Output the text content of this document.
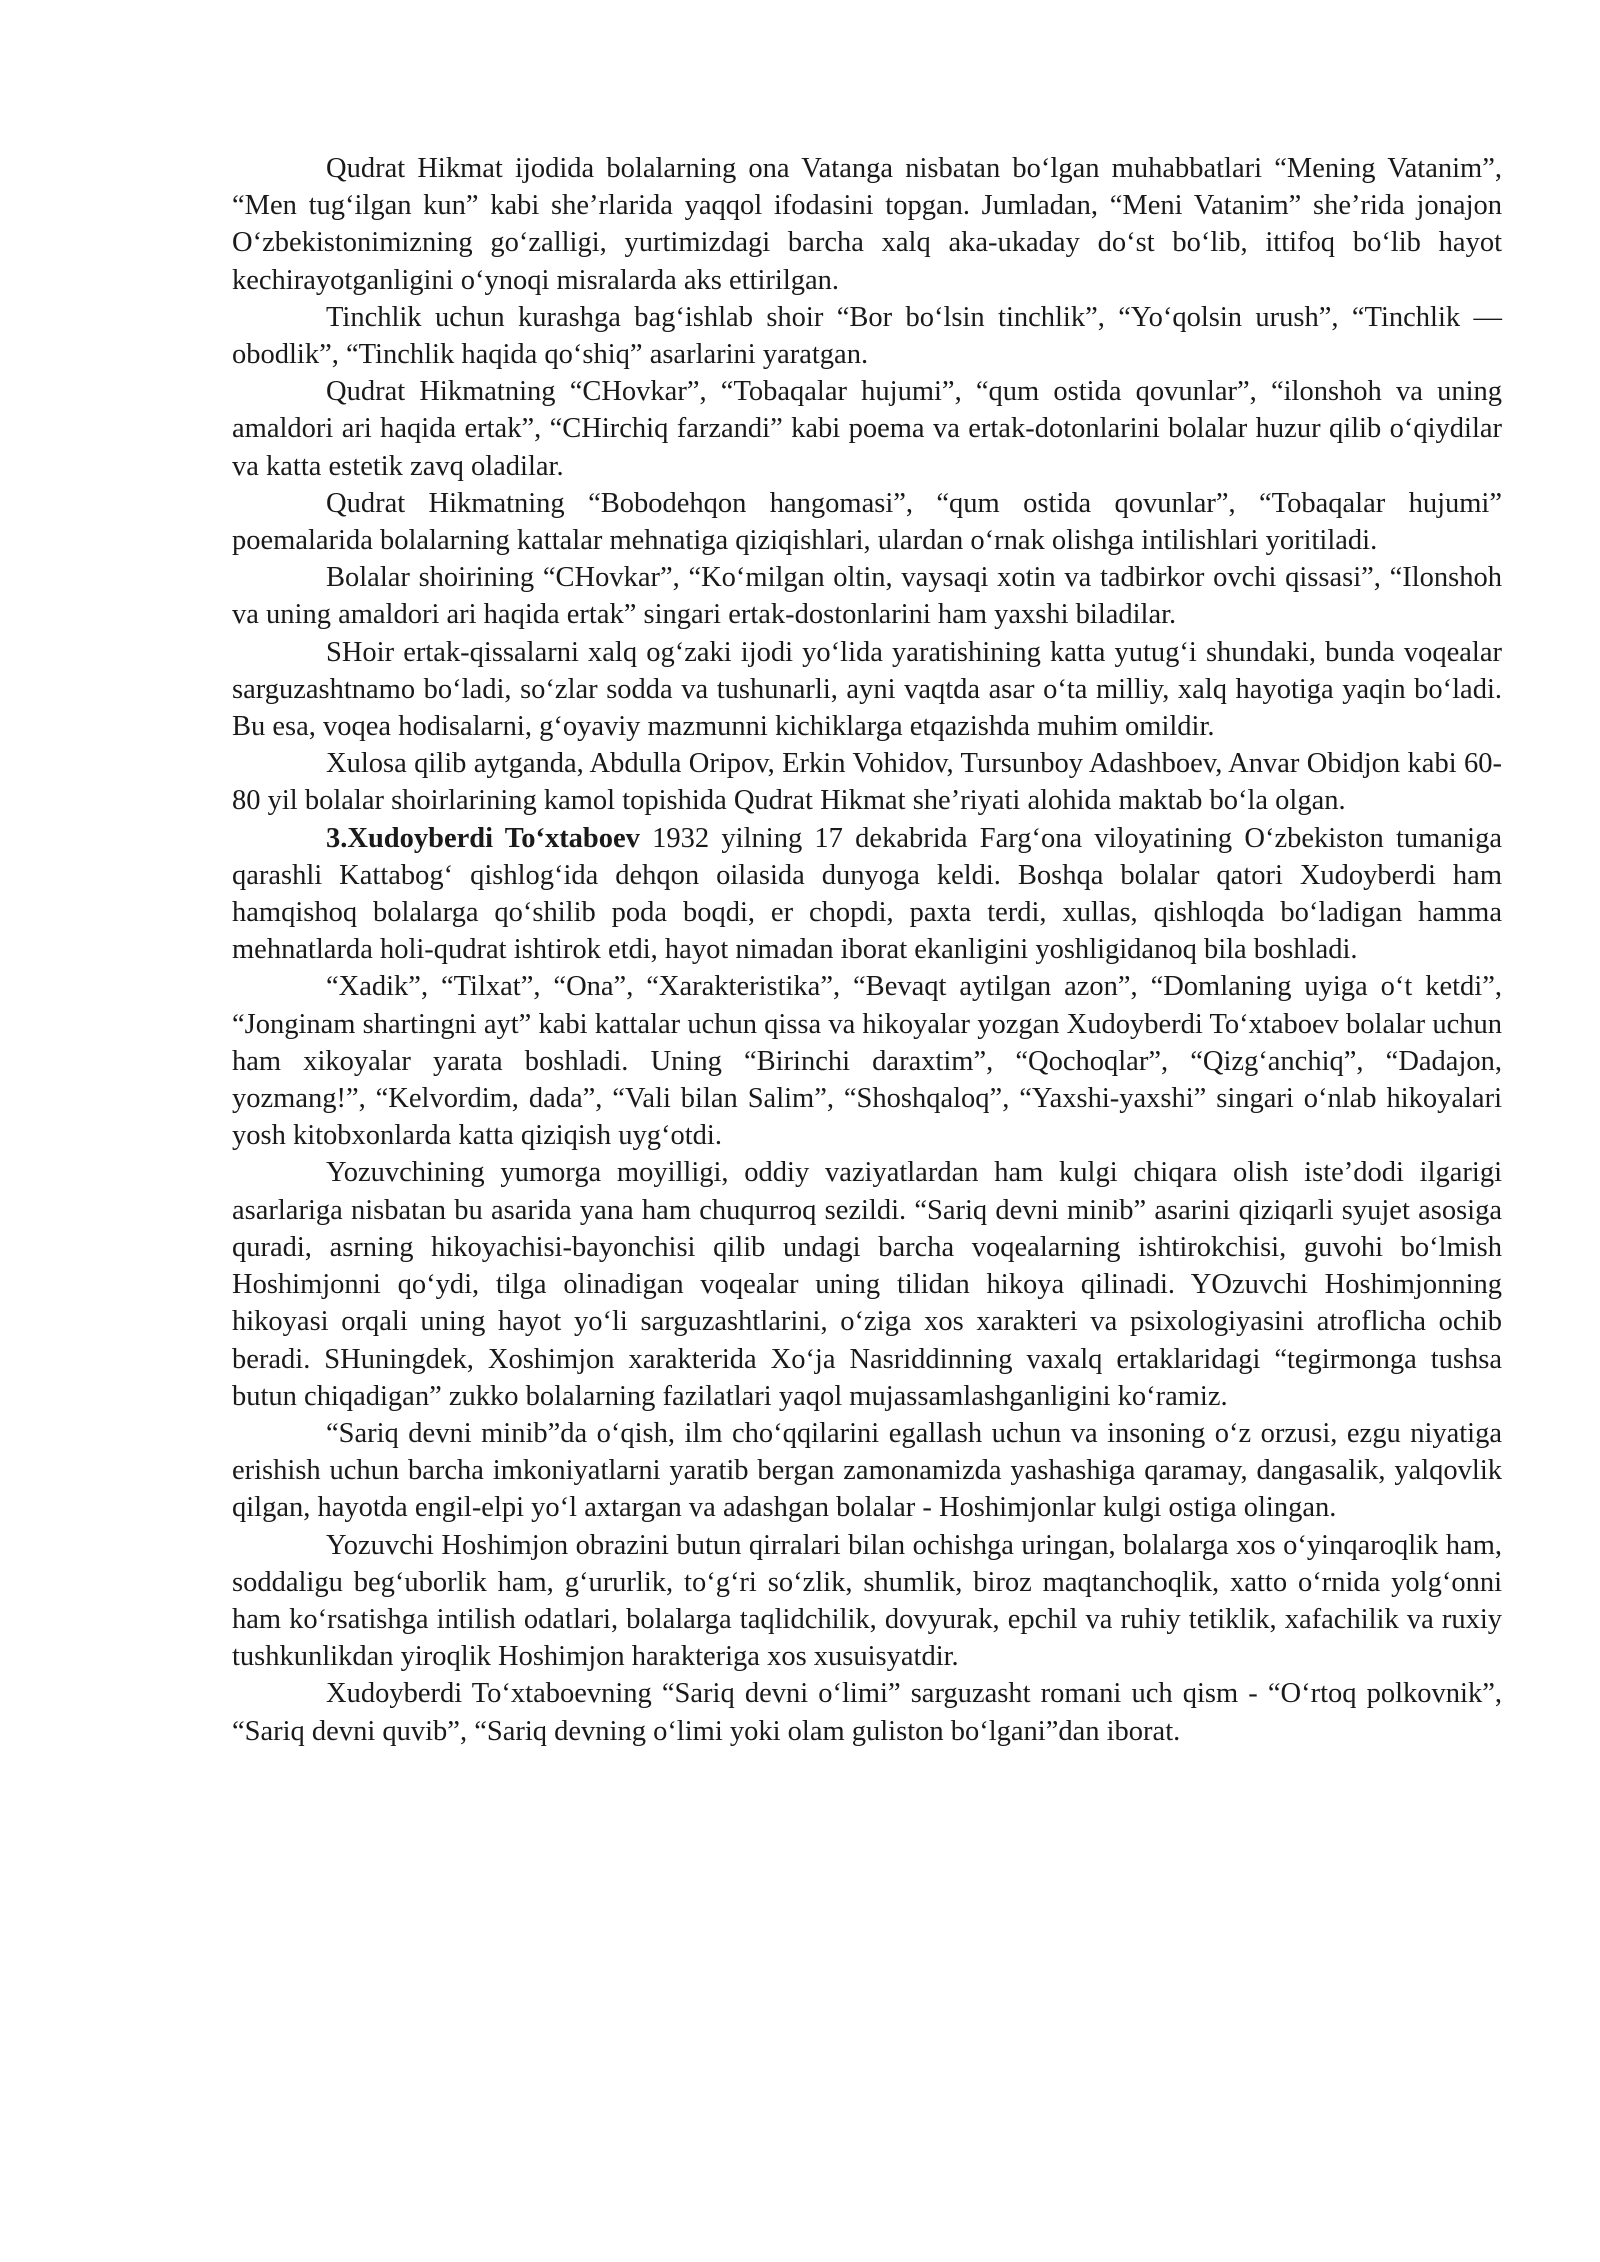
Qudrat Hikmat ijodida bolalarning ona Vatanga nisbatan bo‘lgan muhabbatlari “Mening Vatanim”, “Men tug‘ilgan kun” kabi she’rlarida yaqqol ifodasini topgan. Jumladan, “Meni Vatanim” she’rida jonajon O‘zbekistonimizning go‘zalligi, yurtimizdagi barcha xalq aka-ukaday do‘st bo‘lib, ittifoq bo‘lib hayot kechirayotganligini o‘ynoqi misralarda aks ettirilgan.

Tinchlik uchun kurashga bag‘ishlab shoir “Bor bo‘lsin tinchlik”, “Yo‘qolsin urush”, “Tinchlik — obodlik”, “Tinchlik haqida qo‘shiq” asarlarini yaratgan.

Qudrat Hikmatning “CHovkar”, “Tobaqalar hujumi”, “qum ostida qovunlar”, “ilonshoh va uning amaldori ari haqida ertak”, “CHirchiq farzandi” kabi poema va ertak-dotonlarini bolalar huzur qilib o‘qiydilar va katta estetik zavq oladilar.

Qudrat Hikmatning “Bobodehqon hangomasi”, “qum ostida qovunlar”, “Tobaqalar hujumi” poemalarida bolalarning kattalar mehnatiga qiziqishlari, ulardan o‘rnak olishga intilishlari yoritiladi.

Bolalar shoirining “CHovkar”, “Ko‘milgan oltin, vaysaqi xotin va tadbirkor ovchi qissasi”, “Ilonshoh va uning amaldori ari haqida ertak” singari ertak-dostonlarini ham yaxshi biladilar.

SHoir ertak-qissalarni xalq og‘zaki ijodi yo‘lida yaratishining katta yutug‘i shundaki, bunda voqealar sarguzashtnamo bo‘ladi, so‘zlar sodda va tushunarli, ayni vaqtda asar o‘ta milliy, xalq hayotiga yaqin bo‘ladi. Bu esa, voqea hodisalarni, g‘oyaviy mazmunni kichiklarga etqazishda muhim omildir.

Xulosa qilib aytganda, Abdulla Oripov, Erkin Vohidov, Tursunboy Adashboev, Anvar Obidjon kabi 60-80 yil bolalar shoirlarining kamol topishida Qudrat Hikmat she’riyati alohida maktab bo‘la olgan.

3.Xudoyberdi To‘xtaboev 1932 yilning 17 dekabrida Farg‘ona viloyatining O‘zbekiston tumaniga qarashli Kattabog‘ qishlog‘ida dehqon oilasida dunyoga keldi. Boshqa bolalar qatori Xudoyberdi ham hamqishoq bolalarga qo‘shilib poda boqdi, er chopdi, paxta terdi, xullas, qishloqda bo‘ladigan hamma mehnatlarda holi-qudrat ishtirok etdi, hayot nimadan iborat ekanligini yoshligidanoq bila boshladi.

“Xadik”, “Tilxat”, “Ona”, “Xarakteristika”, “Bevaqt aytilgan azon”, “Domlaning uyiga o‘t ketdi”, “Jonginam shartingni ayt” kabi kattalar uchun qissa va hikoyalar yozgan Xudoyberdi To‘xtaboev bolalar uchun ham xikoyalar yarata boshladi. Uning “Birinchi daraxtim”, “Qochoqlar”, “Qizg‘anchiq”, “Dadajon, yozmang!”, “Kelvordim, dada”, “Vali bilan Salim”, “Shoshqaloq”, “Yaxshi-yaxshi” singari o‘nlab hikoyalari yosh kitobxonlarda katta qiziqish uyg‘otdi.

Yozuvchining yumorga moyilligi, oddiy vaziyatlardan ham kulgi chiqara olish iste’dodi ilgarigi asarlariga nisbatan bu asarida yana ham chuqurroq sezildi. “Sariq devni minib” asarini qiziqarli syujet asosiga quradi, asrning hikoyachisi-bayonchisi qilib undagi barcha voqealarning ishtirokchisi, guvohi bo‘lmish Hoshimjonni qo‘ydi, tilga olinadigan voqealar uning tilidan hikoya qilinadi. YOzuvchi Hoshimjonning hikoyasi orqali uning hayot yo‘li sarguzashtlarini, o‘ziga xos xarakteri va psixologiyasini atroflicha ochib beradi. SHuningdek, Xoshimjon xarakterida Xo‘ja Nasriddinning vaxalq ertaklaridagi “tegirmonga tushsa butun chiqadigan” zukko bolalarning fazilatlari yaqol mujassamlashganligini ko‘ramiz.

“Sariq devni minib”da o‘qish, ilm cho‘qqilarini egallash uchun va insoning o‘z orzusi, ezgu niyatiga erishish uchun barcha imkoniyatlarni yaratib bergan zamonamizda yashashiga qaramay, dangasalik, yalqovlik qilgan, hayotda engil-elpi yo‘l axtargan va adashgan bolalar - Hoshimjonlar kulgi ostiga olingan.

Yozuvchi Hoshimjon obrazini butun qirralari bilan ochishga uringan, bolalarga xos o‘yinqaroqlik ham, soddaligu beg‘uborlik ham, g‘ururlik, to‘g‘ri so‘zlik, shumlik, biroz maqtanchoqlik, xatto o‘rnida yolg‘onni ham ko‘rsatishga intilish odatlari, bolalarga taqlidchilik, dovyurak, epchil va ruhiy tetiklik, xafachilik va ruxiy tushkunlikdan yiroqlik Hoshimjon harakteriga xos xusuisyatdir.

Xudoyberdi To‘xtaboevning “Sariq devni o‘limi” sarguzasht romani uch qism - “O‘rtoq polkovnik”, “Sariq devni quvib”, “Sariq devning o‘limi yoki olam guliston bo‘lgani”dan iborat.
